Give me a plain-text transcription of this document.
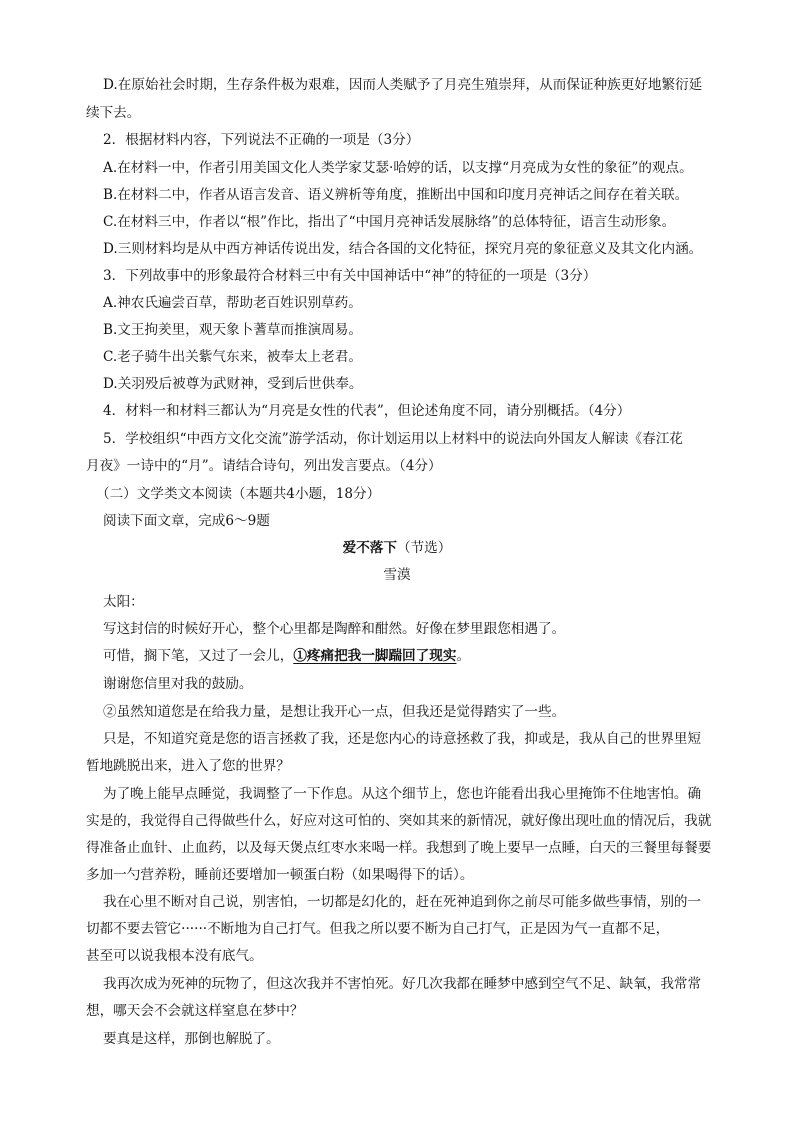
D.在原始社会时期，生存条件极为艰难，因而人类赋予了月亮生殖崇拜，从而保证种族更好地繁衍延
续下去。
2．根据材料内容，下列说法不正确的一项是（3分）
A.在材料一中，作者引用美国文化人类学家艾瑟·哈婷的话，以支撑“月亮成为女性的象征”的观点。
B.在材料二中，作者从语言发音、语义辨析等角度，推断出中国和印度月亮神话之间存在着关联。
C.在材料三中，作者以“根”作比，指出了“中国月亮神话发展脉络”的总体特征，语言生动形象。
D.三则材料均是从中西方神话传说出发，结合各国的文化特征，探究月亮的象征意义及其文化内涵。
3．下列故事中的形象最符合材料三中有关中国神话中“神”的特征的一项是（3分）
A.神农氏遍尝百草，帮助老百姓识别草药。
B.文王拘羑里，观天象卜蓍草而推演周易。
C.老子骑牛出关紫气东来，被奉太上老君。
D.关羽殁后被尊为武财神，受到后世供奉。
4．材料一和材料三都认为“月亮是女性的代表”，但论述角度不同，请分别概括。（4分）
5．学校组织“中西方文化交流”游学活动，你计划运用以上材料中的说法向外国友人解读《春江花
月夜》一诗中的“月”。请结合诗句，列出发言要点。（4分）
（二）文学类文本阅读（本题共4小题，18分）
阅读下面文章，完成6～9题
爱不落下（节选）
雪漠
太阳：
写这封信的时候好开心，整个心里都是陶醉和酣然。好像在梦里跟您相遇了。
可惜，搁下笔，又过了一会儿，①疼痛把我一脚踹回了现实。
谢谢您信里对我的鼓励。
②虽然知道您是在给我力量，是想让我开心一点，但我还是觉得踏实了一些。
只是，不知道究竟是您的语言拯救了我，还是您内心的诗意拯救了我，抑或是，我从自己的世界里短
暂地跳脱出来，进入了您的世界？
为了晚上能早点睡觉，我调整了一下作息。从这个细节上，您也许能看出我心里掩饰不住地害怕。确
实是的，我觉得自己得做些什么，好应对这可怕的、突如其来的新情况，就好像出现吐血的情况后，我就
得准备止血针、止血药，以及每天煲点红枣水来喝一样。我想到了晚上要早一点睡，白天的三餐里每餐要
多加一勺营养粉，睡前还要增加一顿蛋白粉（如果喝得下的话）。
我在心里不断对自己说，别害怕，一切都是幻化的，赶在死神追到你之前尽可能多做些事情，别的一
切都不要去管它······不断地为自己打气。但我之所以要不断为自己打气，正是因为气一直都不足，
甚至可以说我根本没有底气。
我再次成为死神的玩物了，但这次我并不害怕死。好几次我都在睡梦中感到空气不足、缺氧，我常常
想，哪天会不会就这样窒息在梦中？
要真是这样，那倒也解脱了。
